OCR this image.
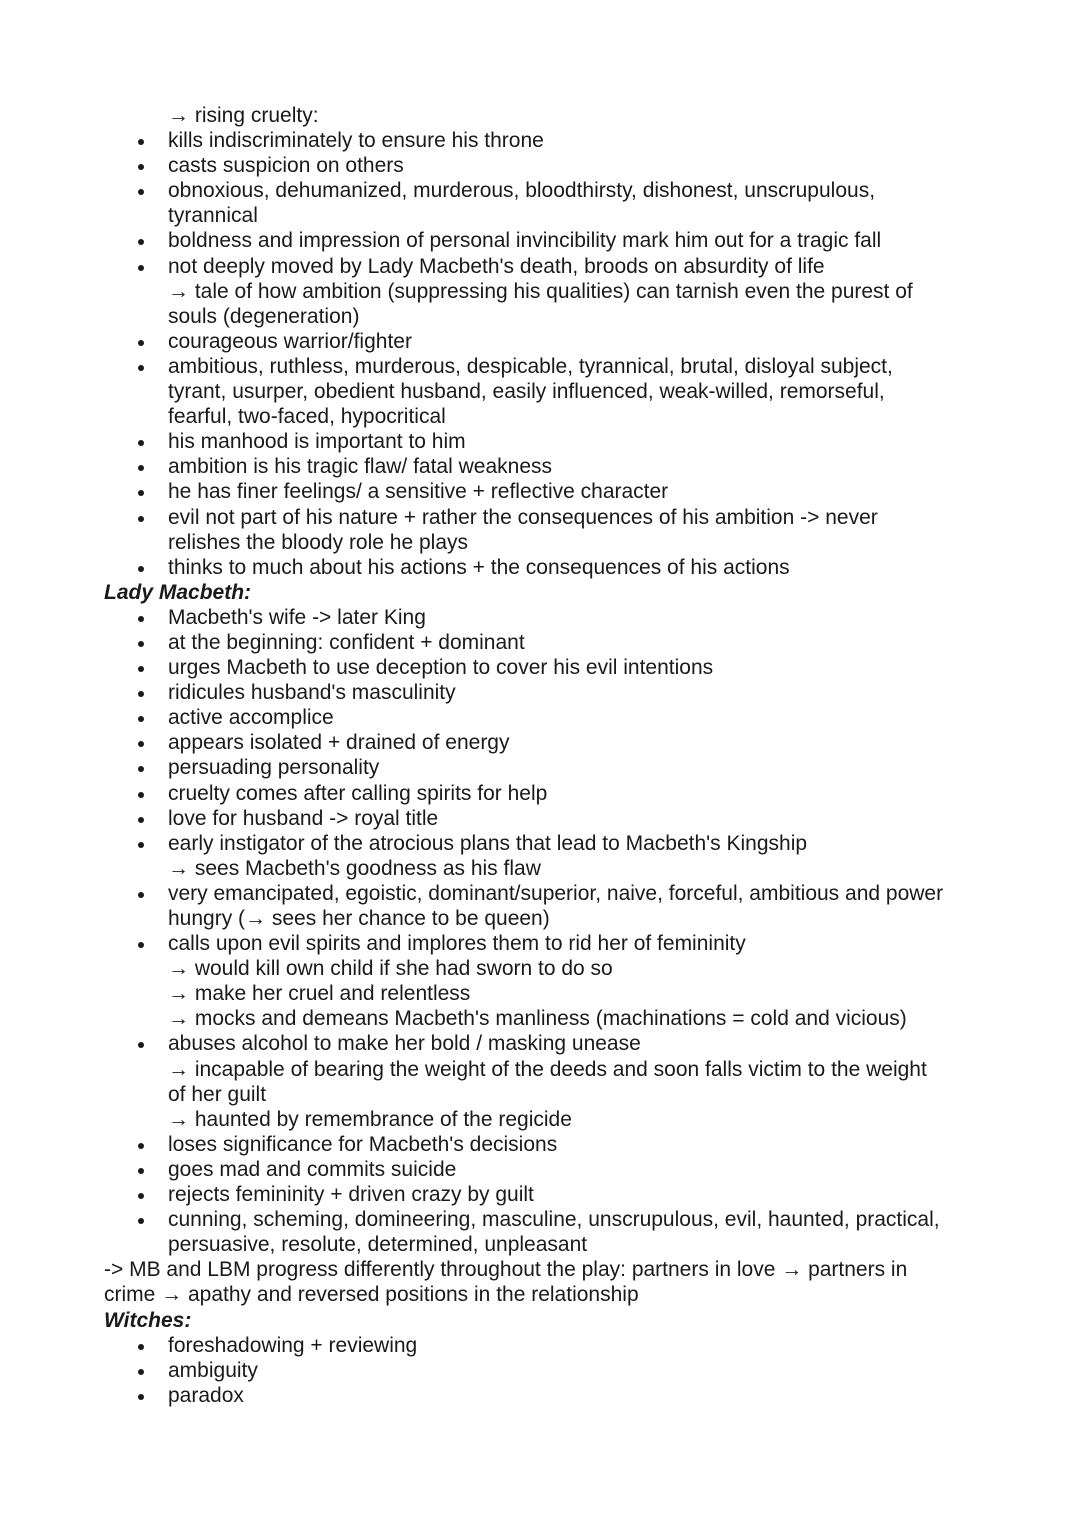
→ rising cruelty:
kills indiscriminately to ensure his throne
casts suspicion on others
obnoxious, dehumanized, murderous, bloodthirsty, dishonest, unscrupulous,
tyrannical
boldness and impression of personal invincibility mark him out for a tragic fall
not deeply moved by Lady Macbeth's death, broods on absurdity of life
→ tale of how ambition (suppressing his qualities) can tarnish even the purest of
souls (degeneration)
courageous warrior/fighter
ambitious, ruthless, murderous, despicable, tyrannical, brutal, disloyal subject,
tyrant, usurper, obedient husband, easily influenced, weak-willed, remorseful,
fearful, two-faced, hypocritical
his manhood is important to him
ambition is his tragic flaw/ fatal weakness
he has finer feelings/ a sensitive + reflective character
evil not part of his nature + rather the consequences of his ambition -> never
relishes the bloody role he plays
thinks to much about his actions + the consequences of his actions
Lady Macbeth:
Macbeth's wife -> later King
at the beginning: confident + dominant
urges Macbeth to use deception to cover his evil intentions
ridicules husband's masculinity
active accomplice
appears isolated + drained of energy
persuading personality
cruelty comes after calling spirits for help
love for husband -> royal title
early instigator of the atrocious plans that lead to Macbeth's Kingship
→ sees Macbeth's goodness as his flaw
very emancipated, egoistic, dominant/superior, naive, forceful, ambitious and power
hungry (→ sees her chance to be queen)
calls upon evil spirits and implores them to rid her of femininity
→ would kill own child if she had sworn to do so
→ make her cruel and relentless
→ mocks and demeans Macbeth's manliness (machinations = cold and vicious)
abuses alcohol to make her bold / masking unease
→ incapable of bearing the weight of the deeds and soon falls victim to the weight
of her guilt
→ haunted by remembrance of the regicide
loses significance for Macbeth's decisions
goes mad and commits suicide
rejects femininity + driven crazy by guilt
cunning, scheming, domineering, masculine, unscrupulous, evil, haunted, practical,
persuasive, resolute, determined, unpleasant
-> MB and LBM progress differently throughout the play: partners in love → partners in
crime → apathy and reversed positions in the relationship
Witches:
foreshadowing + reviewing
ambiguity
paradox
